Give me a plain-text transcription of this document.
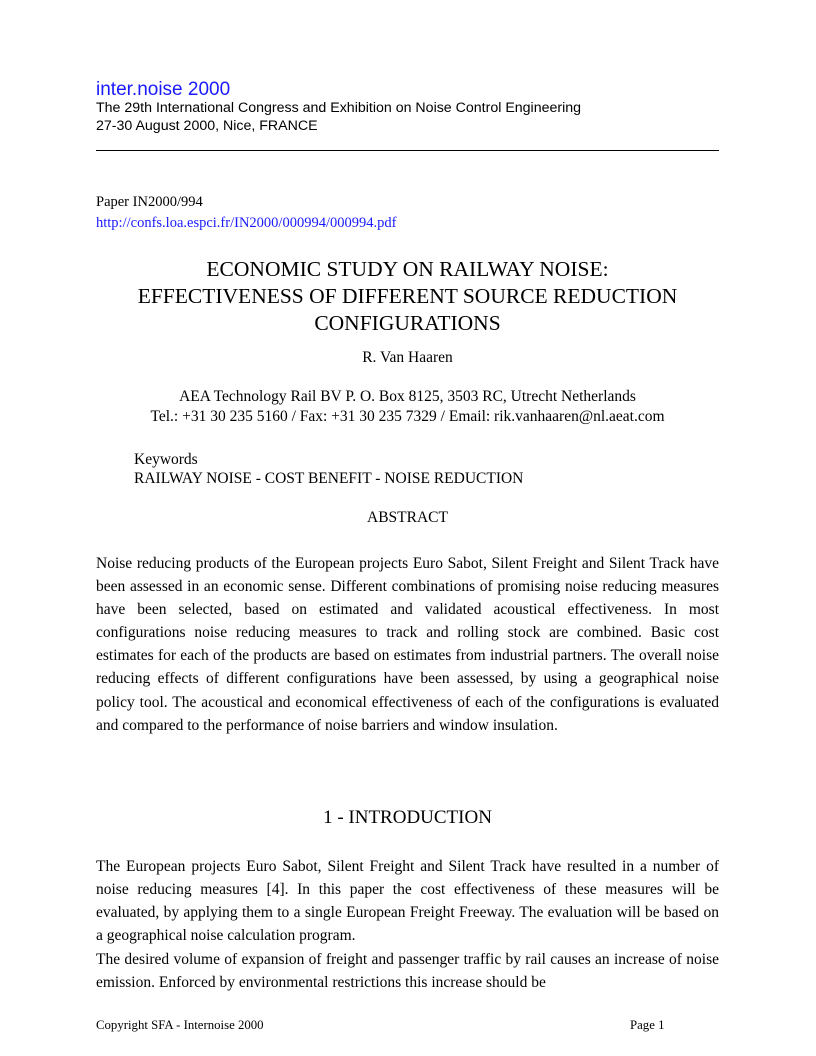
inter.noise 2000

The 29th International Congress and Exhibition on Noise Control Engineering

27-30 August 2000, Nice, FRANCE

Paper IN2000/994

http://confs.loa.espci.fr/IN2000/000994/000994.pdf

ECONOMIC STUDY ON RAILWAY NOISE:

EFFECTIVENESS OF DIFFERENT SOURCE REDUCTION

CONFIGURATIONS

R. Van Haaren

AEA Technology Rail BV P. O. Box 8125, 3503 RC, Utrecht Netherlands

Tel.: +31 30 235 5160 / Fax: +31 30 235 7329 / Email: rik.vanhaaren@nl.aeat.com

Keywords

RAILWAY NOISE - COST BENEFIT - NOISE REDUCTION

ABSTRACT

Noise reducing products of the European projects Euro Sabot, Silent Freight and Silent Track have been assessed in an economic sense. Different combinations of promising noise reducing measures have been selected, based on estimated and validated acoustical effectiveness. In most configurations noise reducing measures to track and rolling stock are combined. Basic cost estimates for each of the products are based on estimates from industrial partners. The overall noise reducing effects of different configurations have been assessed, by using a geographical noise policy tool. The acoustical and economical effectiveness of each of the configurations is evaluated and compared to the performance of noise barriers and window insulation.

1 - INTRODUCTION

The European projects Euro Sabot, Silent Freight and Silent Track have resulted in a number of noise reducing measures [4]. In this paper the cost effectiveness of these measures will be evaluated, by applying them to a single European Freight Freeway. The evaluation will be based on a geographical noise calculation program.

The desired volume of expansion of freight and passenger traffic by rail causes an increase of noise emission. Enforced by environmental restrictions this increase should be

Copyright SFA - Internoise 2000	Page 1
